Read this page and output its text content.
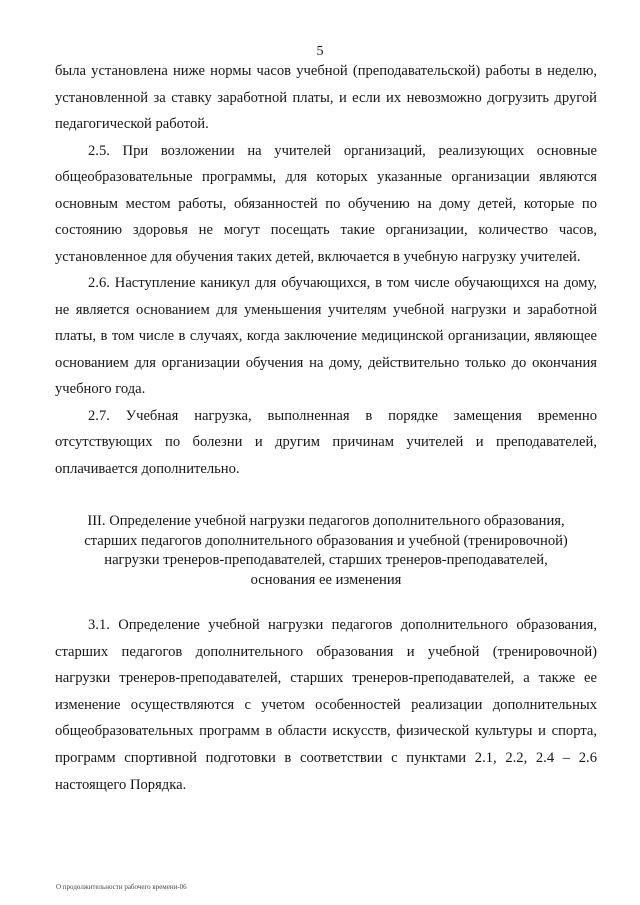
5

была установлена ниже нормы часов учебной (преподавательской) работы в неделю, установленной за ставку заработной платы, и если их невозможно догрузить другой педагогической работой.

2.5. При возложении на учителей организаций, реализующих основные общеобразовательные программы, для которых указанные организации являются основным местом работы, обязанностей по обучению на дому детей, которые по состоянию здоровья не могут посещать такие организации, количество часов, установленное для обучения таких детей, включается в учебную нагрузку учителей.

2.6. Наступление каникул для обучающихся, в том числе обучающихся на дому, не является основанием для уменьшения учителям учебной нагрузки и заработной платы, в том числе в случаях, когда заключение медицинской организации, являющее основанием для организации обучения на дому, действительно только до окончания учебного года.

2.7. Учебная нагрузка, выполненная в порядке замещения временно отсутствующих по болезни и другим причинам учителей и преподавателей, оплачивается дополнительно.

III. Определение учебной нагрузки педагогов дополнительного образования,
старших педагогов дополнительного образования и учебной (тренировочной)
нагрузки тренеров-преподавателей, старших тренеров-преподавателей,
основания ее изменения

3.1. Определение учебной нагрузки педагогов дополнительного образования, старших педагогов дополнительного образования и учебной (тренировочной) нагрузки тренеров-преподавателей, старших тренеров-преподавателей, а также ее изменение осуществляются с учетом особенностей реализации дополнительных общеобразовательных программ в области искусств, физической культуры и спорта, программ спортивной подготовки в соответствии с пунктами 2.1, 2.2, 2.4 – 2.6 настоящего Порядка.

О продолжительности рабочего времени-06
